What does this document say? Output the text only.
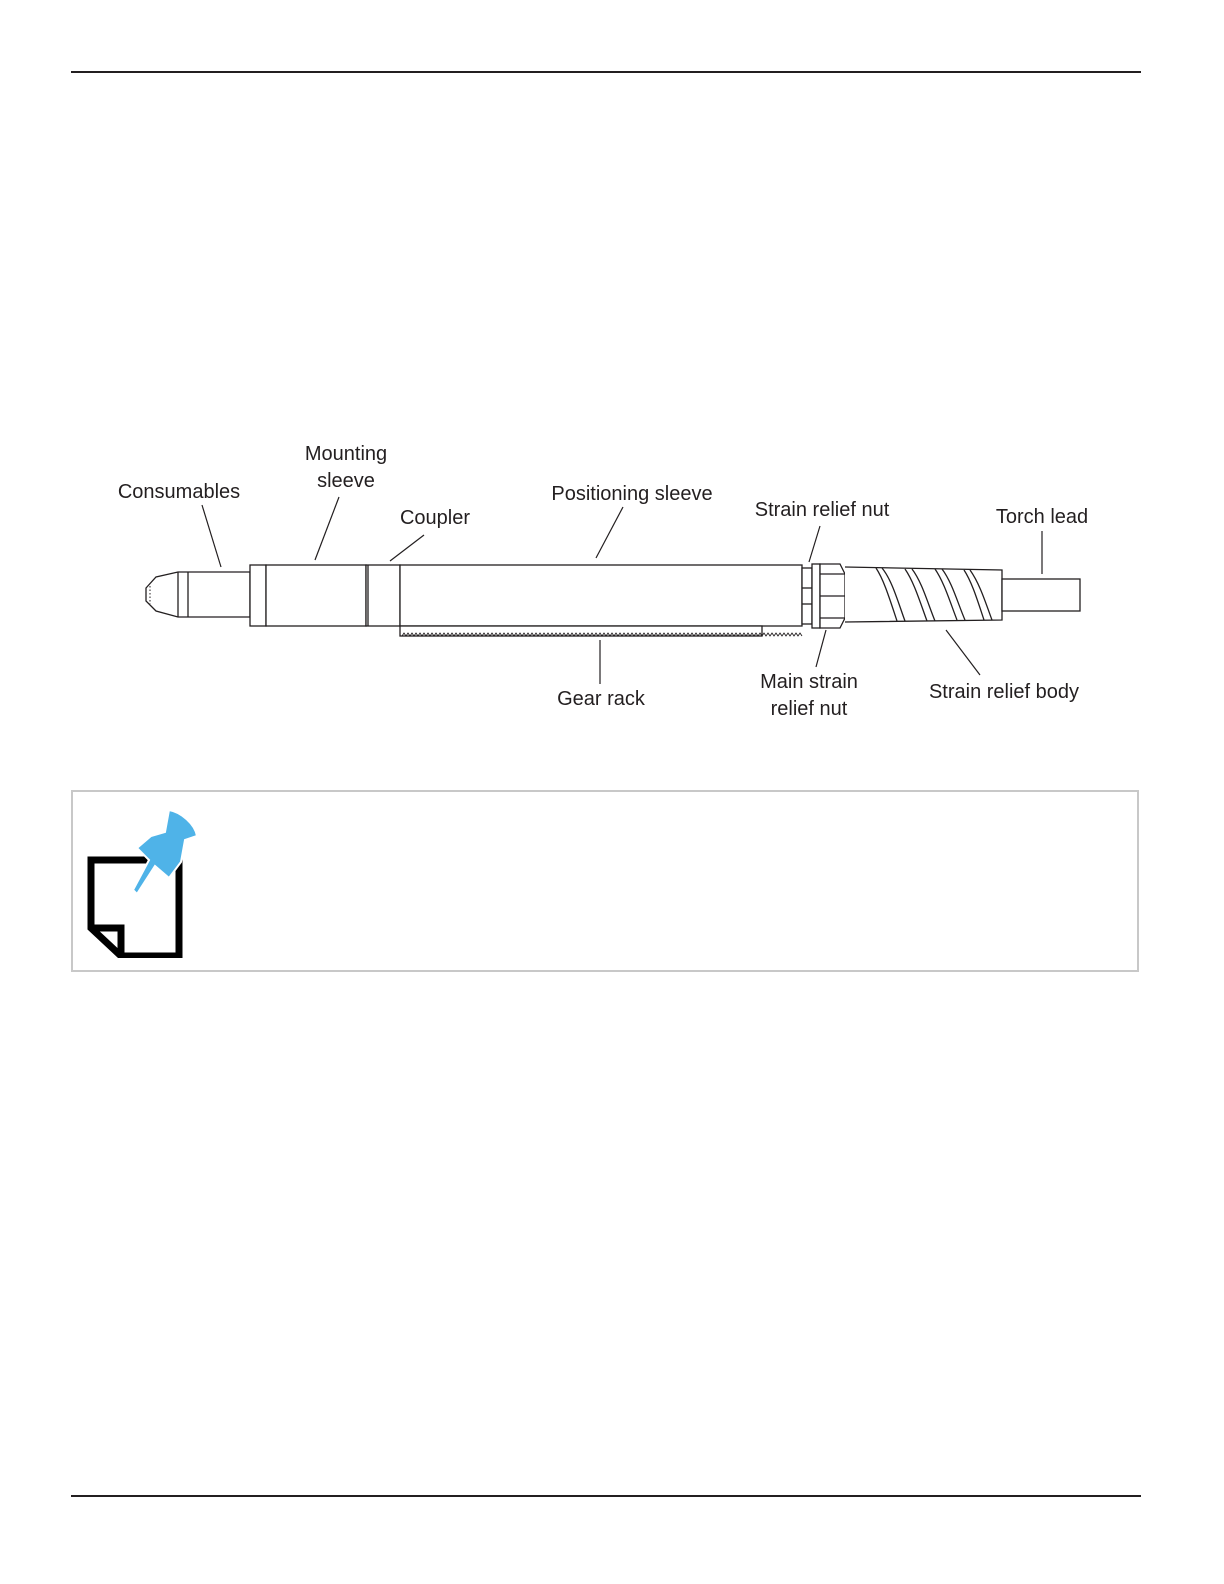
Consumables
Mounting
sleeve
Coupler
Positioning sleeve
Strain relief nut	Torch lead
Gear rack
Main strain
relief nut
Strain relief body
